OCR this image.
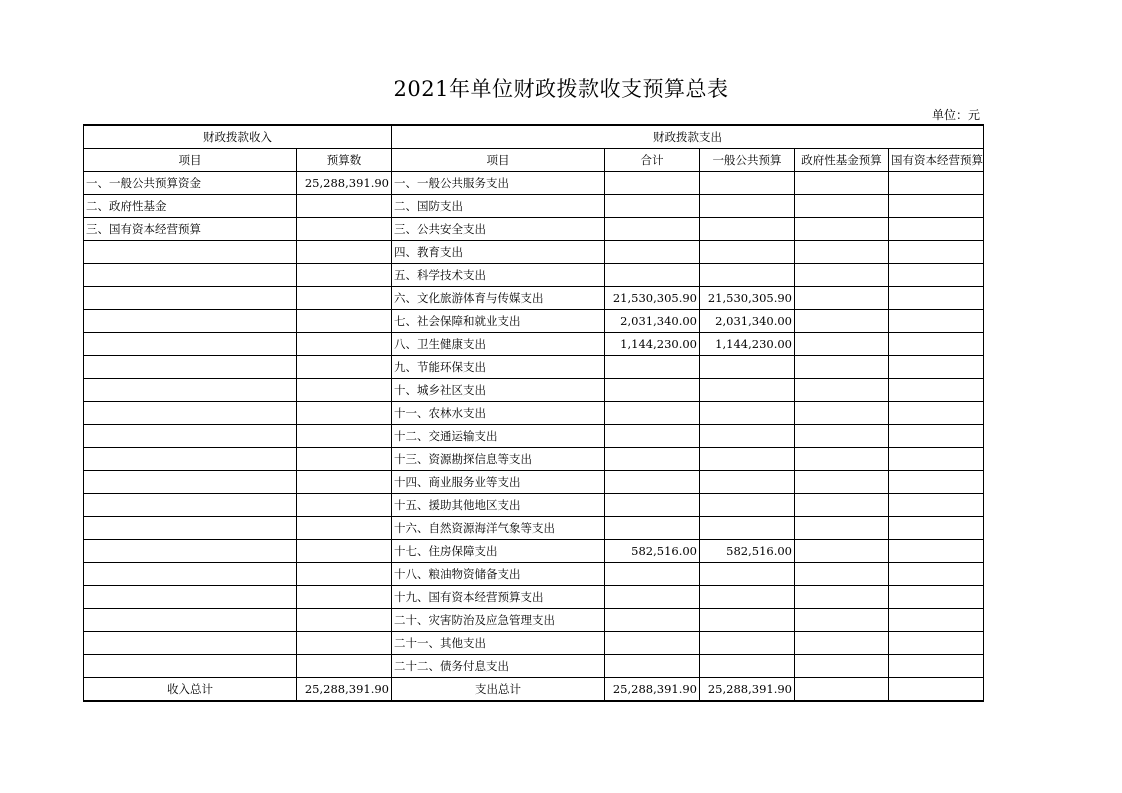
2021年单位财政拨款收支预算总表
单位：元
财政拨款收入		财政拨款支出				
项目	预算数	项目	合计	一般公共预算	政府性基金预算	国有资本经营预算
一、一般公共预算资金	25,288,391.90	一、一般公共服务支出				
二、政府性基金		二、国防支出				
三、国有资本经营预算		三、公共安全支出				
		四、教育支出				
		五、科学技术支出				
		六、文化旅游体育与传媒支出	21,530,305.90	21,530,305.90		
		七、社会保障和就业支出	2,031,340.00	2,031,340.00		
		八、卫生健康支出	1,144,230.00	1,144,230.00		
		九、节能环保支出				
		十、城乡社区支出				
		十一、农林水支出				
		十二、交通运输支出				
		十三、资源勘探信息等支出				
		十四、商业服务业等支出				
		十五、援助其他地区支出				
		十六、自然资源海洋气象等支出				
		十七、住房保障支出	582,516.00	582,516.00		
		十八、粮油物资储备支出				
		十九、国有资本经营预算支出				
		二十、灾害防治及应急管理支出				
		二十一、其他支出				
		二十二、债务付息支出				
收入总计	25,288,391.90	支出总计	25,288,391.90	25,288,391.90		
